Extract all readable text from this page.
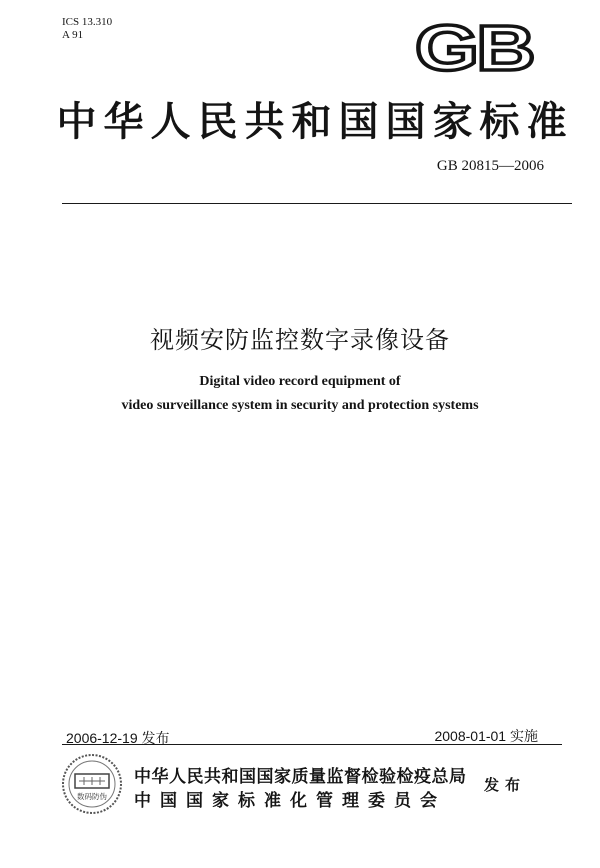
ICS 13.310
A 91	GB
中华人民共和国国家标准
GB 20815—2006
视频安防监控数字录像设备
Digital video record equipment of
video surveillance system in security and protection systems
2006-12-19 发布	2008-01-01 实施
数码防伪
中华人民共和国国家质量监督检验检疫总局
中国国家标准化管理委员会
发布
